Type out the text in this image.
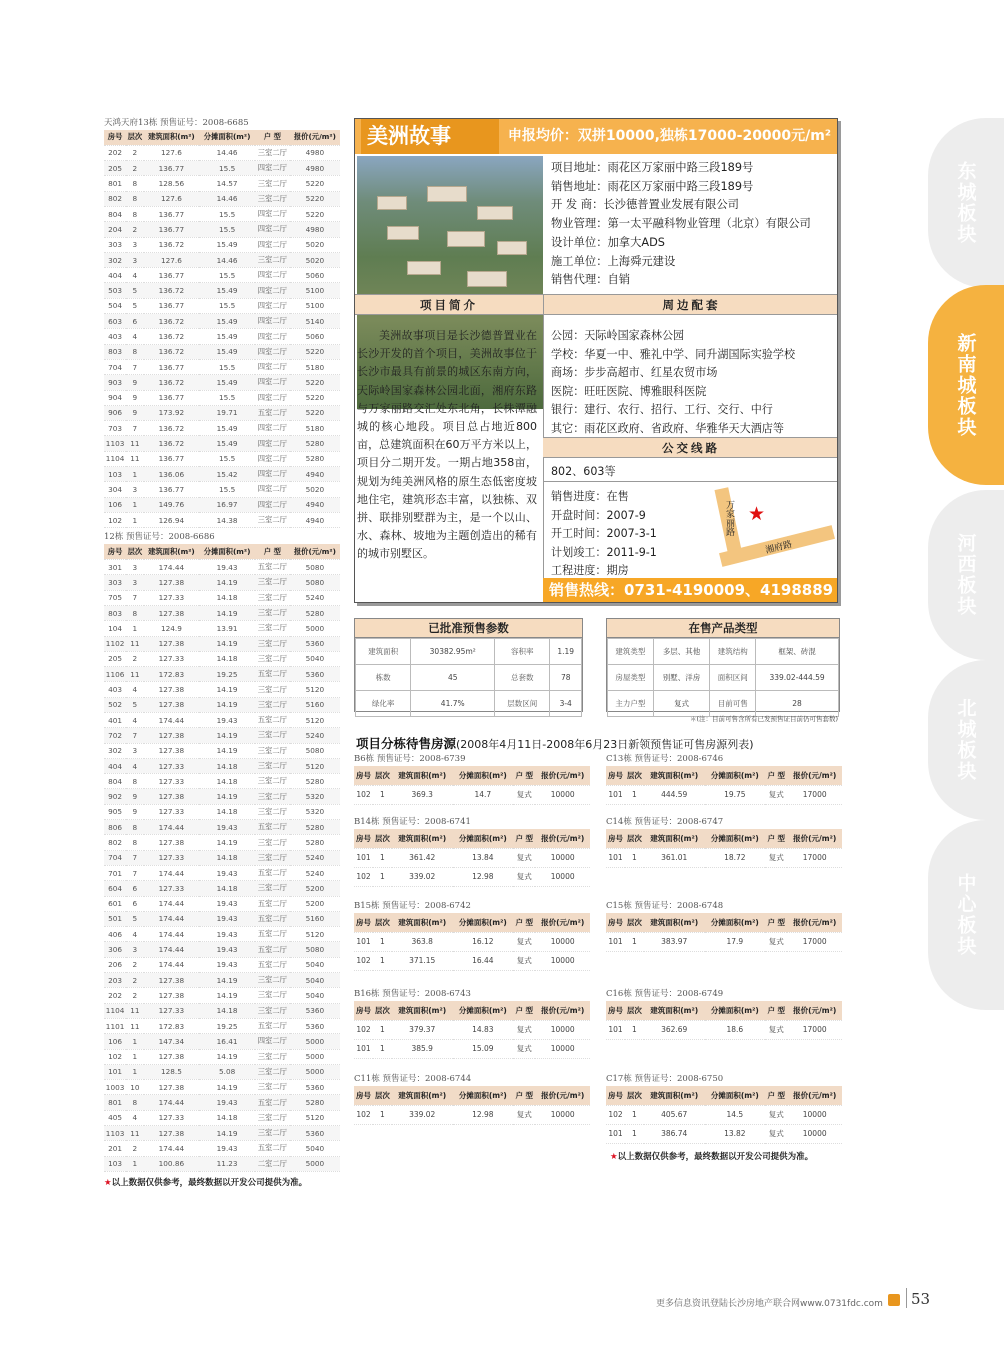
天鸿天府13栋 预售证号：2008-6685
房号	层次	建筑面积(m²)	分摊面积(m²)	户 型	报价(元/m²)
202	2	127.6	14.46	三室二厅	4980
205	2	136.77	15.5	四室二厅	4980
801	8	128.56	14.57	三室二厅	5220
802	8	127.6	14.46	三室二厅	5220
804	8	136.77	15.5	四室二厅	5220
204	2	136.77	15.5	四室二厅	4980
303	3	136.72	15.49	四室二厅	5020
302	3	127.6	14.46	三室二厅	5020
404	4	136.77	15.5	四室二厅	5060
503	5	136.72	15.49	四室二厅	5100
504	5	136.77	15.5	四室二厅	5100
603	6	136.72	15.49	四室二厅	5140
403	4	136.72	15.49	四室二厅	5060
803	8	136.72	15.49	四室二厅	5220
704	7	136.77	15.5	四室二厅	5180
903	9	136.72	15.49	四室二厅	5220
904	9	136.77	15.5	四室二厅	5220
906	9	173.92	19.71	五室二厅	5220
703	7	136.72	15.49	四室二厅	5180
1103	11	136.72	15.49	四室二厅	5280
1104	11	136.77	15.5	四室二厅	5280
103	1	136.06	15.42	四室二厅	4940
304	3	136.77	15.5	四室二厅	5020
106	1	149.76	16.97	四室二厅	4940
102	1	126.94	14.38	三室二厅	4940
12栋 预售证号：2008-6686
房号	层次	建筑面积(m²)	分摊面积(m²)	户 型	报价(元/m²)
301	3	174.44	19.43	五室二厅	5080
303	3	127.38	14.19	三室二厅	5080
705	7	127.33	14.18	三室二厅	5240
803	8	127.38	14.19	三室二厅	5280
104	1	124.9	13.91	三室二厅	5000
1102	11	127.38	14.19	三室二厅	5360
205	2	127.33	14.18	三室二厅	5040
1106	11	172.83	19.25	五室二厅	5360
403	4	127.38	14.19	三室二厅	5120
502	5	127.38	14.19	三室二厅	5160
401	4	174.44	19.43	五室二厅	5120
702	7	127.38	14.19	三室二厅	5240
302	3	127.38	14.19	三室二厅	5080
404	4	127.33	14.18	三室二厅	5120
804	8	127.33	14.18	三室二厅	5280
902	9	127.38	14.19	三室二厅	5320
905	9	127.33	14.18	三室二厅	5320
806	8	174.44	19.43	五室二厅	5280
802	8	127.38	14.19	三室二厅	5280
704	7	127.33	14.18	三室二厅	5240
701	7	174.44	19.43	五室二厅	5240
604	6	127.33	14.18	三室二厅	5200
601	6	174.44	19.43	五室二厅	5200
501	5	174.44	19.43	五室二厅	5160
406	4	174.44	19.43	五室二厅	5120
306	3	174.44	19.43	五室二厅	5080
206	2	174.44	19.43	五室二厅	5040
203	2	127.38	14.19	三室二厅	5040
202	2	127.38	14.19	三室二厅	5040
1104	11	127.33	14.18	三室二厅	5360
1101	11	172.83	19.25	五室二厅	5360
106	1	147.34	16.41	四室二厅	5000
102	1	127.38	14.19	三室二厅	5000
101	1	128.5	5.08	三室二厅	5000
1003	10	127.38	14.19	三室二厅	5360
801	8	174.44	19.43	五室二厅	5280
405	4	127.33	14.18	三室二厅	5120
1103	11	127.38	14.19	三室二厅	5360
201	2	174.44	19.43	五室二厅	5040
103	1	100.86	11.23	二室二厅	5000
★以上数据仅供参考，最终数据以开发公司提供为准。
美洲故事	申报均价：双拼10000,独栋17000-20000元/m²
项目地址：雨花区万家丽中路三段189号
销售地址：雨花区万家丽中路三段189号
开 发 商：长沙德普置业发展有限公司
物业管理：第一太平融科物业管理（北京）有限公司
设计单位：加拿大ADS
施工单位：上海舜元建设
销售代理：自销
项目简介	周边配套
美洲故事项目是长沙德普置业在长沙开发的首个项目，美洲故事位于长沙市最具有前景的城区东南方向，天际岭国家森林公园北面，湘府东路与万家丽路交汇处东北角，长株潭融城的核心地段。项目总占地近800亩，总建筑面积在60万平方米以上，项目分二期开发。一期占地358亩，规划为纯美洲风格的原生态低密度坡地住宅，建筑形态丰富，以独栋、双拼、联排别墅群为主，是一个以山、水、森林、坡地为主题创造出的稀有的城市别墅区。
公园：天际岭国家森林公园
学校：华夏一中、雅礼中学、同升湖国际实验学校
商场：步步高超市、红星农贸市场
医院：旺旺医院、博雅眼科医院
银行：建行、农行、招行、工行、交行、中行
其它：雨花区政府、省政府、华雅华天大酒店等
公交线路
802、603等
销售进度：在售
开盘时间：2007-9
开工时间：2007-3-1
计划竣工：2011-9-1
工程进度：期房
万家丽路
湘府路
★
销售热线：0731-4190009、4198889
已批准预售参数
建筑面积	30382.95m²	容积率	1.19
栋数	45	总套数	78
绿化率	41.7%	层数区间	3-4
在售产品类型
建筑类型	多层、其他	建筑结构	框架、砖混
房屋类型	别墅、洋房	面积区间	339.02-444.59
主力户型	复式	目前可售	28
＊(注：目前可售含所有已发预售证目前仍可售套数)
项目分栋待售房源(2008年4月11日-2008年6月23日新领预售证可售房源列表)
B6栋 预售证号：2008-6739
房号	层次	建筑面积(m²)	分摊面积(m²)	户 型	报价(元/m²)
102	1	369.3	14.7	复式	10000
C13栋 预售证号：2008-6746
房号	层次	建筑面积(m²)	分摊面积(m²)	户 型	报价(元/m²)
101	1	444.59	19.75	复式	17000
B14栋 预售证号：2008-6741
房号	层次	建筑面积(m²)	分摊面积(m²)	户 型	报价(元/m²)
101	1	361.42	13.84	复式	10000
102	1	339.02	12.98	复式	10000
C14栋 预售证号：2008-6747
房号	层次	建筑面积(m²)	分摊面积(m²)	户 型	报价(元/m²)
101	1	361.01	18.72	复式	17000
B15栋 预售证号：2008-6742
房号	层次	建筑面积(m²)	分摊面积(m²)	户 型	报价(元/m²)
101	1	363.8	16.12	复式	10000
102	1	371.15	16.44	复式	10000
C15栋 预售证号：2008-6748
房号	层次	建筑面积(m²)	分摊面积(m²)	户 型	报价(元/m²)
101	1	383.97	17.9	复式	17000
B16栋 预售证号：2008-6743
房号	层次	建筑面积(m²)	分摊面积(m²)	户 型	报价(元/m²)
102	1	379.37	14.83	复式	10000
101	1	385.9	15.09	复式	10000
C16栋 预售证号：2008-6749
房号	层次	建筑面积(m²)	分摊面积(m²)	户 型	报价(元/m²)
101	1	362.69	18.6	复式	17000
C11栋 预售证号：2008-6744
房号	层次	建筑面积(m²)	分摊面积(m²)	户 型	报价(元/m²)
102	1	339.02	12.98	复式	10000
C17栋 预售证号：2008-6750
房号	层次	建筑面积(m²)	分摊面积(m²)	户 型	报价(元/m²)
102	1	405.67	14.5	复式	10000
101	1	386.74	13.82	复式	10000
★以上数据仅供参考，最终数据以开发公司提供为准。
东城板块
新南城板块
河西板块
北城板块
中心板块
更多信息资讯登陆长沙房地产联合网www.0731fdc.com 53
